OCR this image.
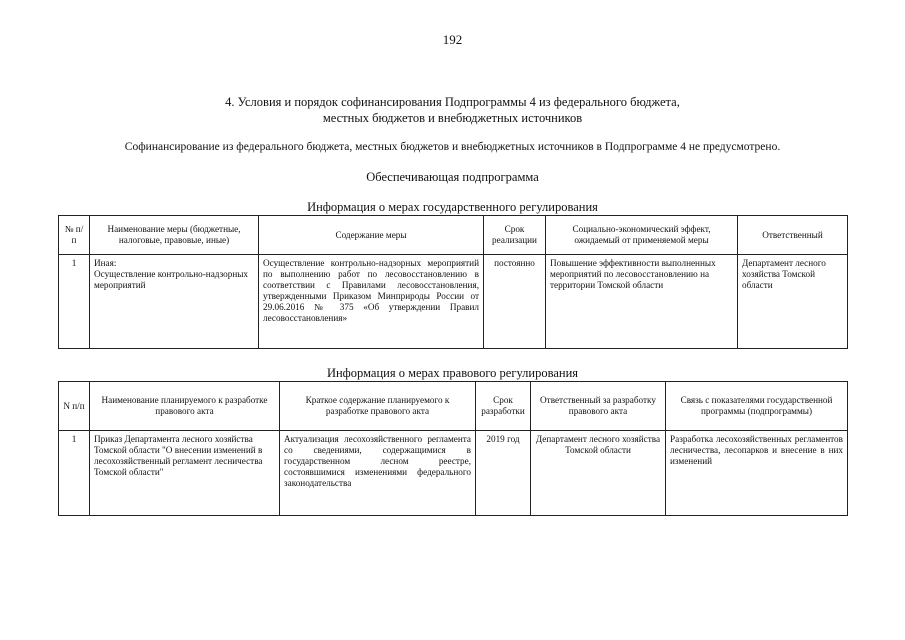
192
4. Условия и порядок софинансирования Подпрограммы 4 из федерального бюджета,
местных бюджетов и внебюджетных источников
Софинансирование из федерального бюджета, местных бюджетов и внебюджетных источников в Подпрограмме 4 не предусмотрено.
Обеспечивающая подпрограмма
Информация о мерах государственного регулирования
№ п/п	Наименование меры (бюджетные, налоговые, правовые, иные)	Содержание меры	Срок реализации	Социально-экономический эффект, ожидаемый от применяемой меры	Ответственный
1	Иная:
Осуществление контрольно-надзорных мероприятий	Осуществление контрольно-надзорных мероприятий по выполнению работ по лесовосстановлению в соответствии с Правилами лесовосстановления, утвержденными Приказом Минприроды России от 29.06.2016 № 375 «Об утверждении Правил лесовосстановления»	постоянно	Повышение эффективности выполненных мероприятий по лесовосстановлению на территории Томской области	Департамент лесного хозяйства Томской области
Информация о мерах правового регулирования
N п/п	Наименование планируемого к разработке правового акта	Краткое содержание планируемого к разработке правового акта	Срок разработки	Ответственный за разработку правового акта	Связь с показателями государственной программы (подпрограммы)
1	Приказ Департамента лесного хозяйства Томской области "О внесении изменений в лесохозяйственный регламент лесничества Томской области"	Актуализация лесохозяйственного регламента со сведениями, содержащимися в государственном лесном реестре, состоявшимися изменениями федерального законодательства	2019 год	Департамент лесного хозяйства Томской области	Разработка лесохозяйственных регламентов лесничества, лесопарков и внесение в них изменений
